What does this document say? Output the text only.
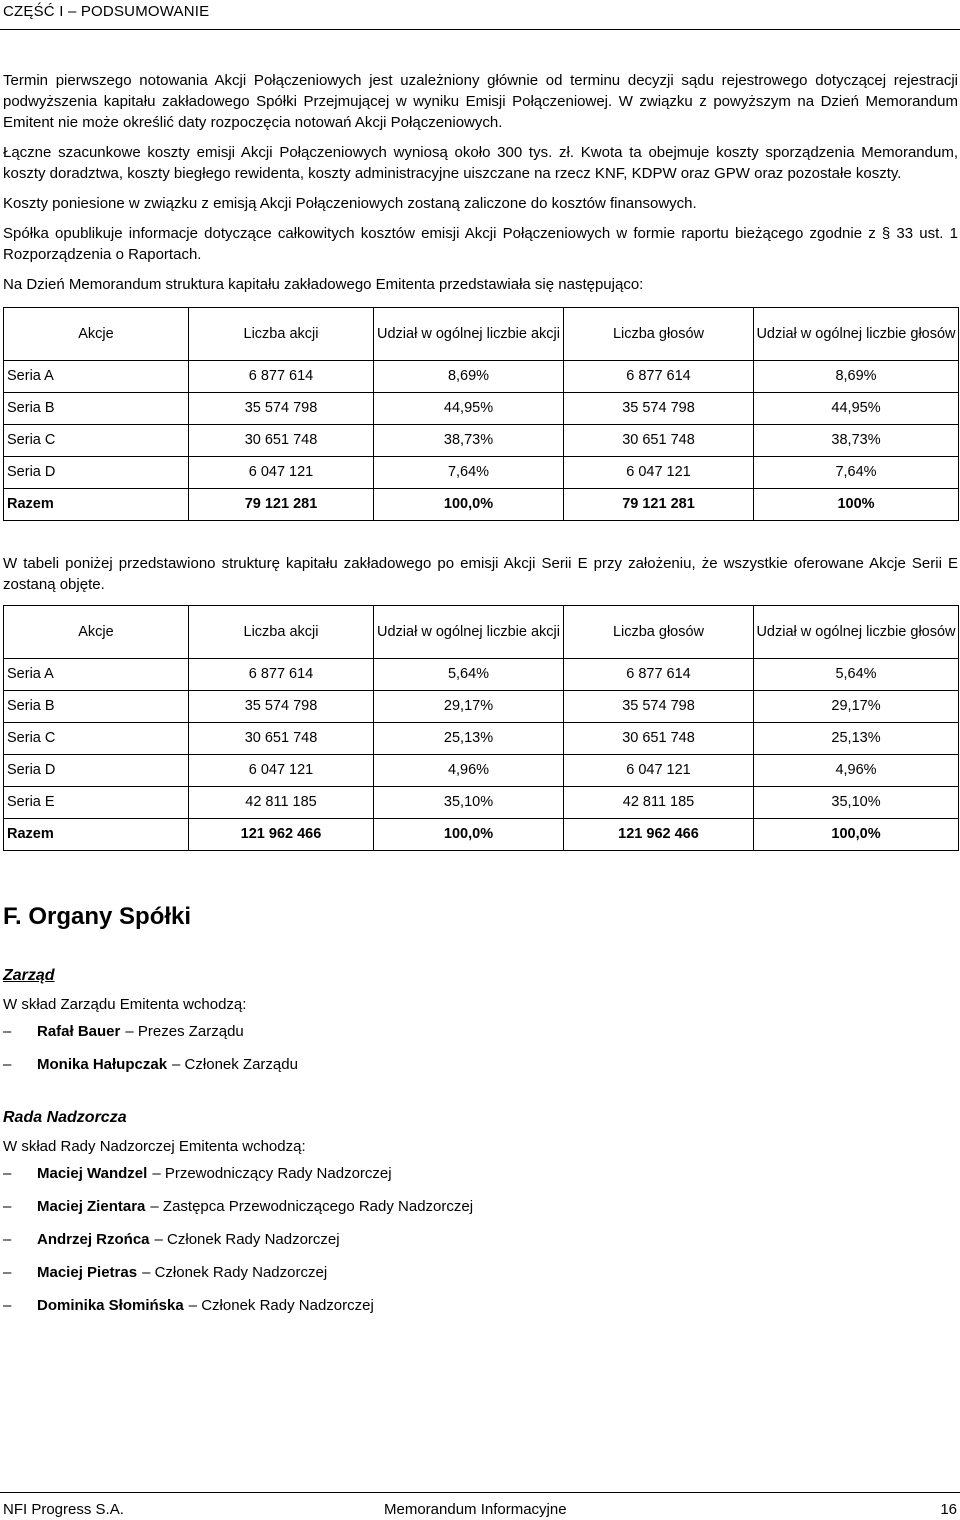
CZĘŚĆ I – PODSUMOWANIE

Termin pierwszego notowania Akcji Połączeniowych jest uzależniony głównie od terminu decyzji sądu rejestrowego dotyczącej rejestracji podwyższenia kapitału zakładowego Spółki Przejmującej w wyniku Emisji Połączeniowej. W związku z powyższym na Dzień Memorandum Emitent nie może określić daty rozpoczęcia notowań Akcji Połączeniowych.

Łączne szacunkowe koszty emisji Akcji Połączeniowych wyniosą około 300 tys. zł. Kwota ta obejmuje koszty sporządzenia Memorandum, koszty doradztwa, koszty biegłego rewidenta, koszty administracyjne uiszczane na rzecz KNF, KDPW oraz GPW oraz pozostałe koszty.

Koszty poniesione w związku z emisją Akcji Połączeniowych zostaną zaliczone do kosztów finansowych.

Spółka opublikuje informacje dotyczące całkowitych kosztów emisji Akcji Połączeniowych w formie raportu bieżącego zgodnie z § 33 ust. 1 Rozporządzenia o Raportach.

Na Dzień Memorandum struktura kapitału zakładowego Emitenta przedstawiała się następująco:

Akcje	Liczba akcji	Udział w ogólnej liczbie akcji	Liczba głosów	Udział w ogólnej liczbie głosów
Seria A	6 877 614	8,69%	6 877 614	8,69%
Seria B	35 574 798	44,95%	35 574 798	44,95%
Seria C	30 651 748	38,73%	30 651 748	38,73%
Seria D	6 047 121	7,64%	6 047 121	7,64%
Razem	79 121 281	100,0%	79 121 281	100%

W tabeli poniżej przedstawiono strukturę kapitału zakładowego po emisji Akcji Serii E przy założeniu, że wszystkie oferowane Akcje Serii E zostaną objęte.

Akcje	Liczba akcji	Udział w ogólnej liczbie akcji	Liczba głosów	Udział w ogólnej liczbie głosów
Seria A	6 877 614	5,64%	6 877 614	5,64%
Seria B	35 574 798	29,17%	35 574 798	29,17%
Seria C	30 651 748	25,13%	30 651 748	25,13%
Seria D	6 047 121	4,96%	6 047 121	4,96%
Seria E	42 811 185	35,10%	42 811 185	35,10%
Razem	121 962 466	100,0%	121 962 466	100,0%
F. Organy Spółki
Zarząd

W skład Zarządu Emitenta wchodzą:

–	Rafał Bauer – Prezes Zarządu
–	Monika Hałupczak – Członek Zarządu
Rada Nadzorcza

W skład Rady Nadzorczej Emitenta wchodzą:

–	Maciej Wandzel – Przewodniczący Rady Nadzorczej
–	Maciej Zientara – Zastępca Przewodniczącego Rady Nadzorczej
–	Andrzej Rzońca – Członek Rady Nadzorczej
–	Maciej Pietras – Członek Rady Nadzorczej
–	Dominika Słomińska – Członek Rady Nadzorczej
NFI Progress S.A.	Memorandum Informacyjne	16
